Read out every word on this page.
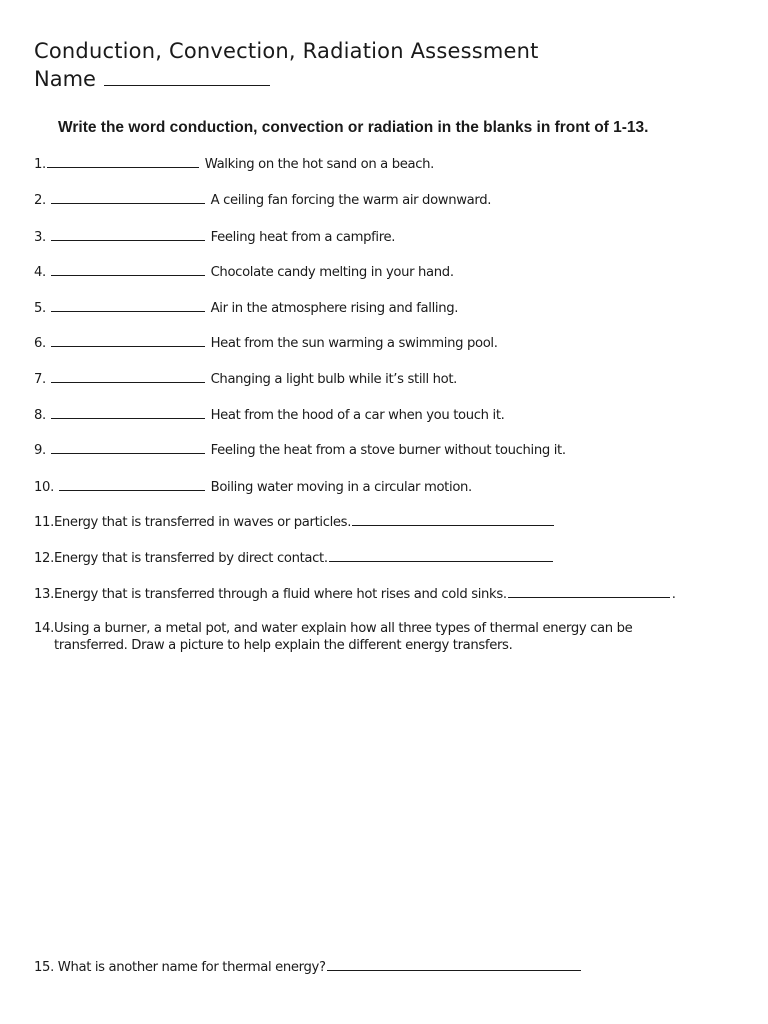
Conduction, Convection, Radiation Assessment
Name
Write the word conduction, convection or radiation in the blanks in front of 1-13.
1.	Walking on the hot sand on a beach.
2.	A ceiling fan forcing the warm air downward.
3.	Feeling heat from a campfire.
4.	Chocolate candy melting in your hand.
5.	Air in the atmosphere rising and falling.
6.	Heat from the sun warming a swimming pool.
7.	Changing a light bulb while it’s still hot.
8.	Heat from the hood of a car when you touch it.
9.	Feeling the heat from a stove burner without touching it.
10.	Boiling water moving in a circular motion.
11.Energy that is transferred in waves or particles.
12.Energy that is transferred by direct contact.
13.Energy that is transferred through a fluid where hot rises and cold sinks.	.
14.Using a burner, a metal pot, and water explain how all three types of thermal energy can be
transferred. Draw a picture to help explain the different energy transfers.
15. What is another name for thermal energy?
